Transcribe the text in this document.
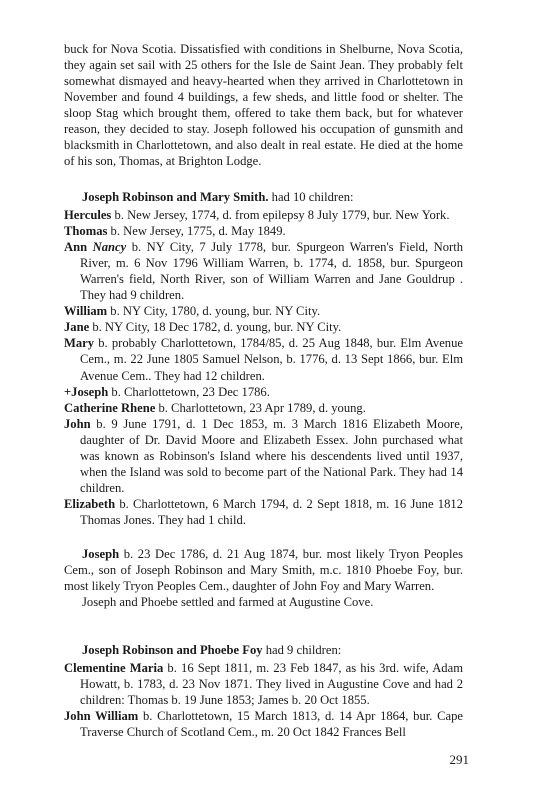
buck for Nova Scotia. Dissatisfied with conditions in Shelburne, Nova Scotia, they again set sail with 25 others for the Isle de Saint Jean. They probably felt somewhat dismayed and heavy-hearted when they arrived in Charlottetown in November and found 4 buildings, a few sheds, and little food or shelter. The sloop Stag which brought them, offered to take them back, but for whatever reason, they decided to stay. Joseph followed his occupation of gunsmith and blacksmith in Charlottetown, and also dealt in real estate. He died at the home of his son, Thomas, at Brighton Lodge.

Joseph Robinson and Mary Smith. had 10 children:

Hercules b. New Jersey, 1774, d. from epilepsy 8 July 1779, bur. New York.

Thomas b. New Jersey, 1775, d. May 1849.

Ann Nancy b. NY City, 7 July 1778, bur. Spurgeon Warren's Field, North River, m. 6 Nov 1796 William Warren, b. 1774, d. 1858, bur. Spurgeon Warren's field, North River, son of William Warren and Jane Gouldrup . They had 9 children.

William b. NY City, 1780, d. young, bur. NY City.

Jane b. NY City, 18 Dec 1782, d. young, bur. NY City.

Mary b. probably Charlottetown, 1784/85, d. 25 Aug 1848, bur. Elm Avenue Cem., m. 22 June 1805 Samuel Nelson, b. 1776, d. 13 Sept 1866, bur. Elm Avenue Cem.. They had 12 children.

+Joseph b. Charlottetown, 23 Dec 1786.

Catherine Rhene b. Charlottetown, 23 Apr 1789, d. young.

John b. 9 June 1791, d. 1 Dec 1853, m. 3 March 1816 Elizabeth Moore, daughter of Dr. David Moore and Elizabeth Essex. John purchased what was known as Robinson's Island where his descendents lived until 1937, when the Island was sold to become part of the National Park. They had 14 children.

Elizabeth b. Charlottetown, 6 March 1794, d. 2 Sept 1818, m. 16 June 1812 Thomas Jones. They had 1 child.

Joseph b. 23 Dec 1786, d. 21 Aug 1874, bur. most likely Tryon Peoples Cem., son of Joseph Robinson and Mary Smith, m.c. 1810 Phoebe Foy, bur. most likely Tryon Peoples Cem., daughter of John Foy and Mary Warren.

Joseph and Phoebe settled and farmed at Augustine Cove.

Joseph Robinson and Phoebe Foy had 9 children:

Clementine Maria b. 16 Sept 1811, m. 23 Feb 1847, as his 3rd. wife, Adam Howatt, b. 1783, d. 23 Nov 1871. They lived in Augustine Cove and had 2 children: Thomas b. 19 June 1853; James b. 20 Oct 1855.

John William b. Charlottetown, 15 March 1813, d. 14 Apr 1864, bur. Cape Traverse Church of Scotland Cem., m. 20 Oct 1842 Frances Bell

291
